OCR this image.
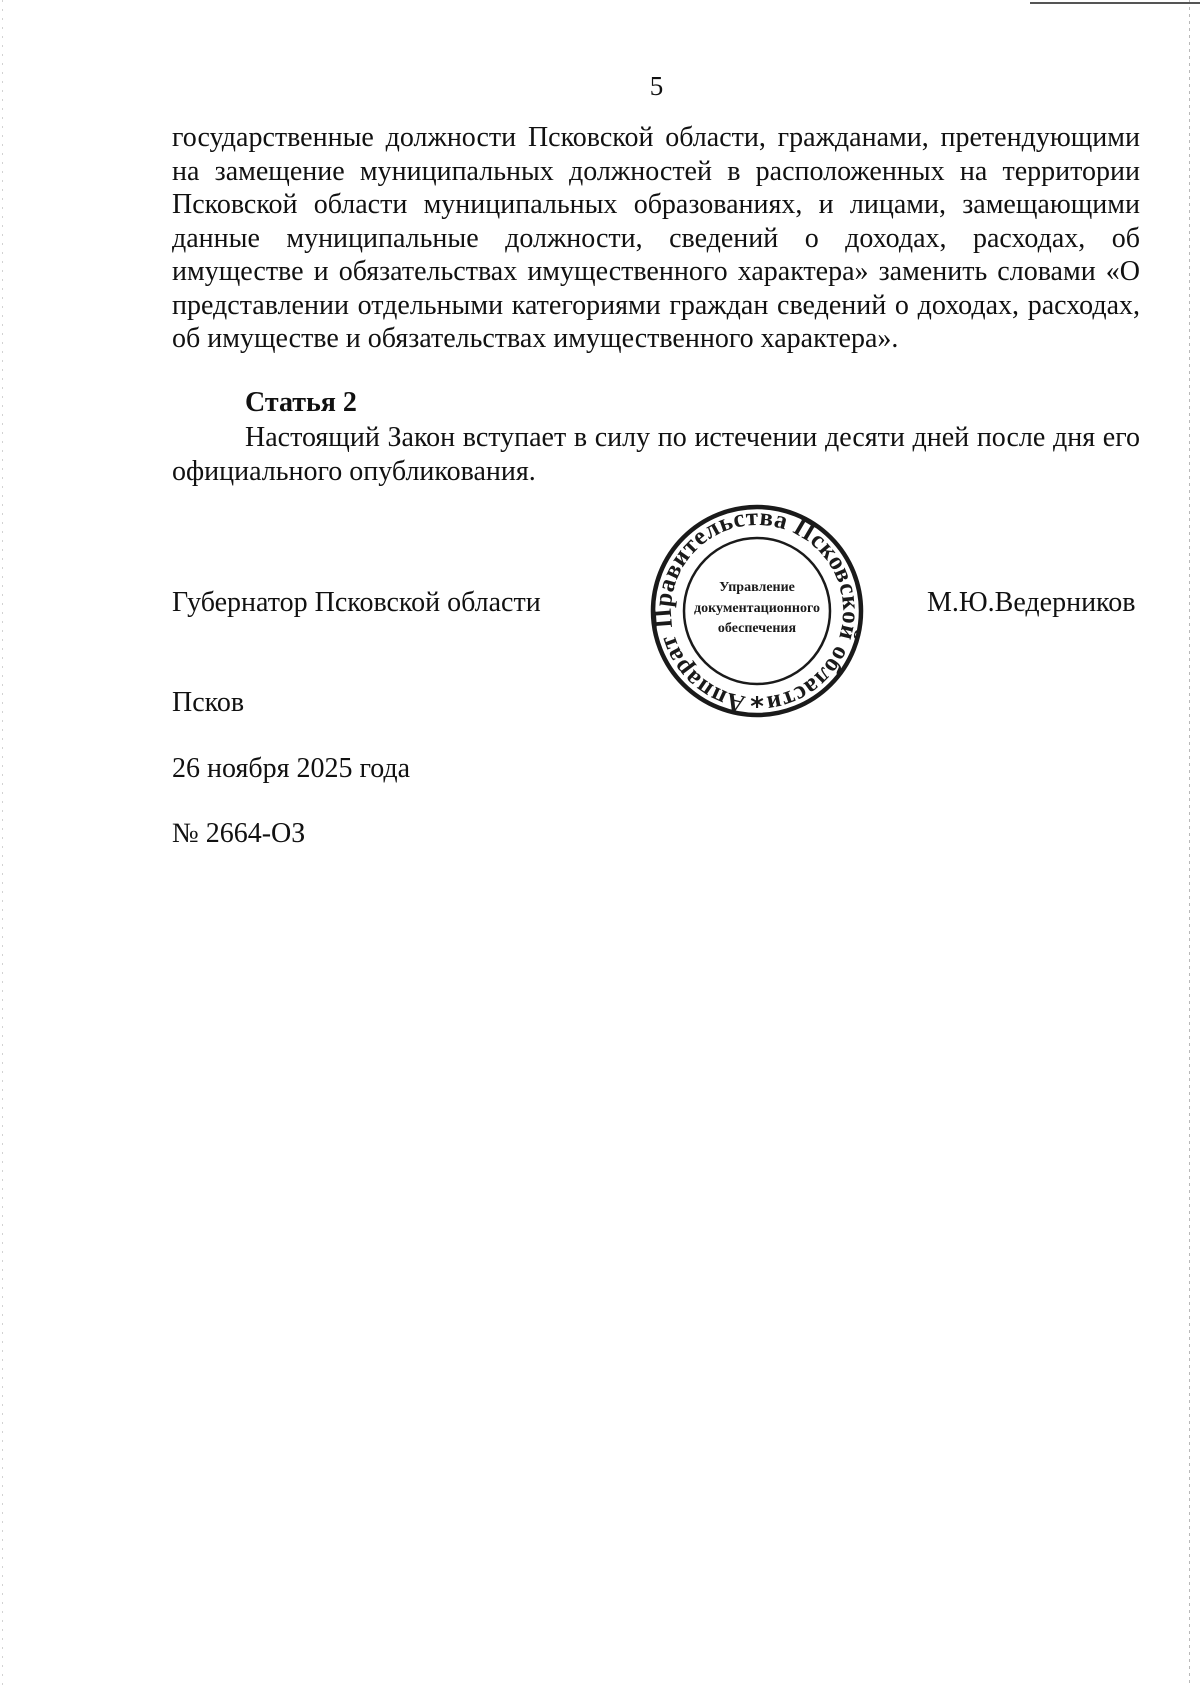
5

государственные должности Псковской области, гражданами, претендующими на замещение муниципальных должностей в расположенных на территории Псковской области муниципальных образованиях, и лицами, замещающими данные муниципальные должности, сведений о доходах, расходах, об имуществе и обязательствах имущественного характера» заменить словами «О представлении отдельными категориями граждан сведений о доходах, расходах, об имуществе и обязательствах имущественного характера».

Статья 2

Настоящий Закон вступает в силу по истечении десяти дней после дня его официального опубликования.

Губернатор Псковской области
Аппарат Правительства Псковской области
Управление
документационного
обеспечения
*
М.Ю.Ведерников
Псков
26 ноября 2025 года
№ 2664-ОЗ
